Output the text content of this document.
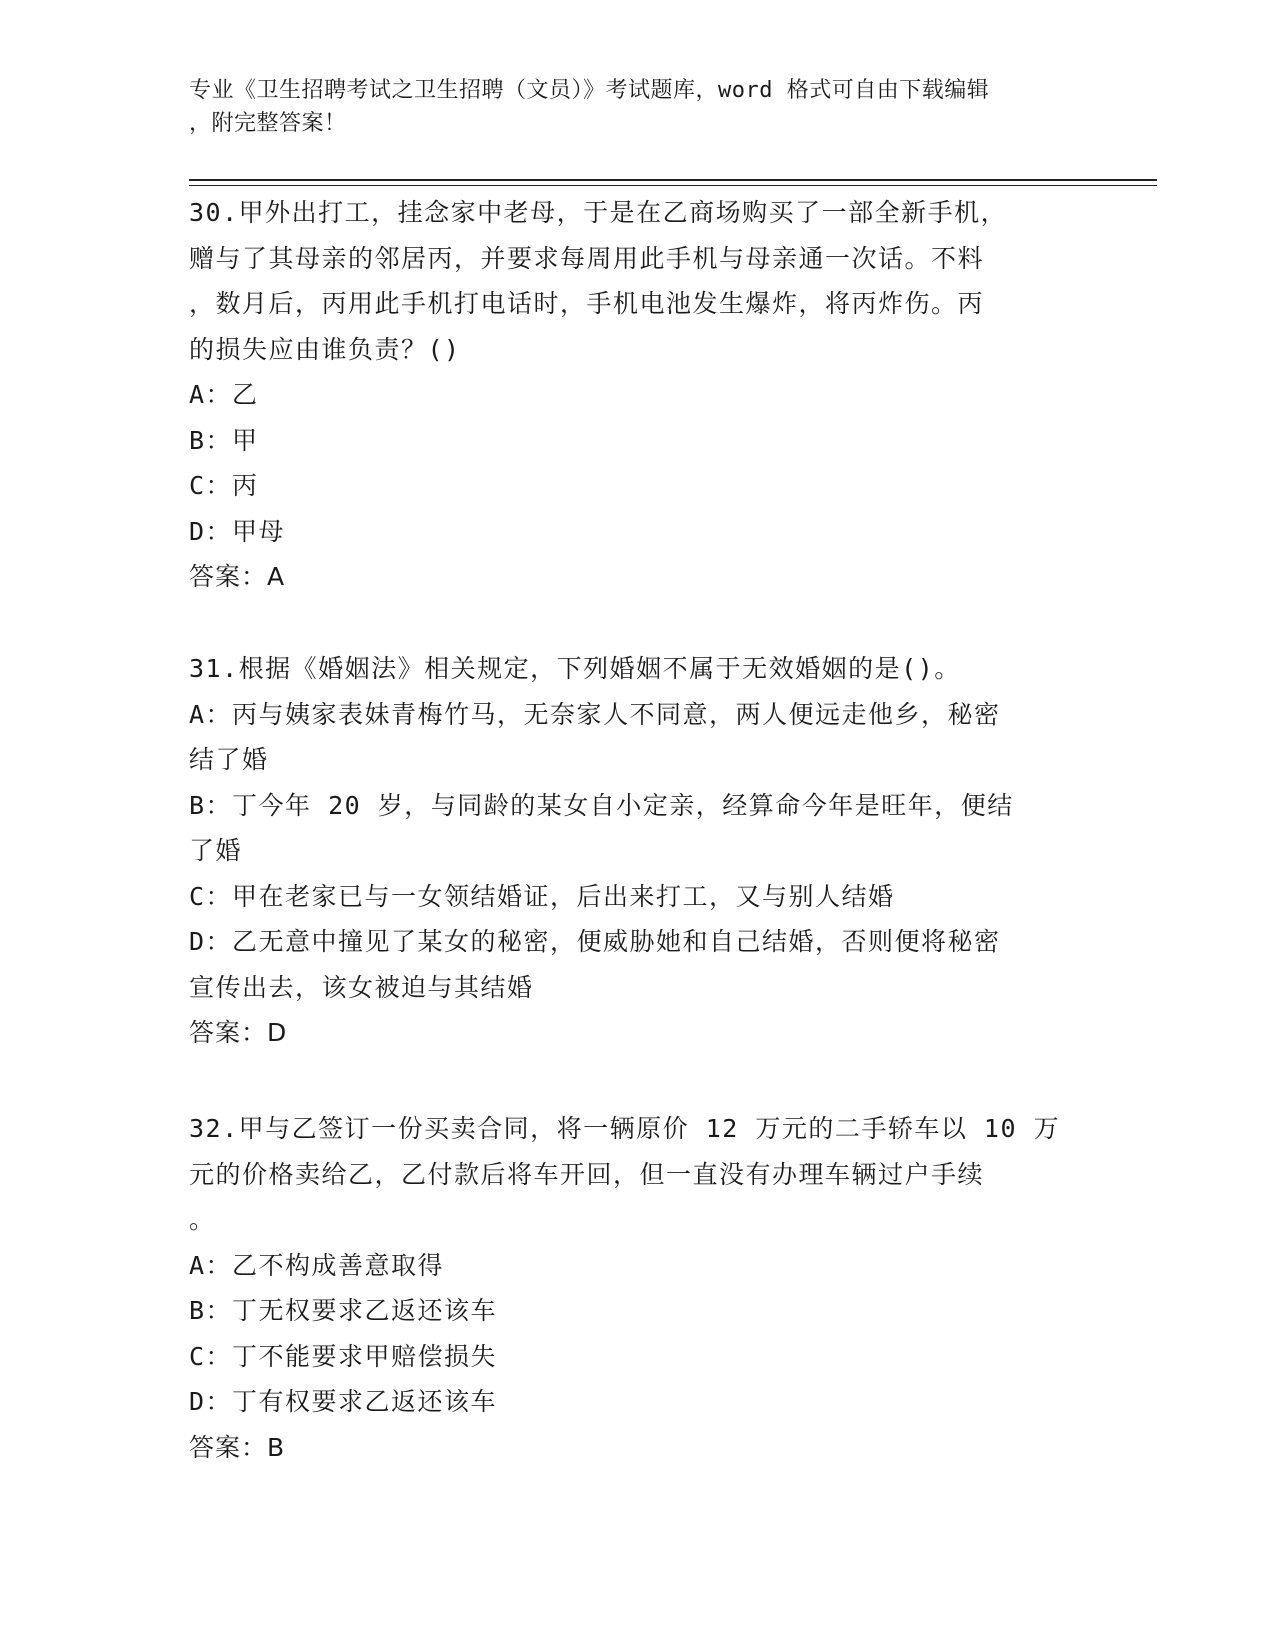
专业《卫生招聘考试之卫生招聘（文员）》考试题库，word 格式可自由下载编辑
，附完整答案！
30.甲外出打工，挂念家中老母，于是在乙商场购买了一部全新手机，
赠与了其母亲的邻居丙，并要求每周用此手机与母亲通一次话。不料
，数月后，丙用此手机打电话时，手机电池发生爆炸，将丙炸伤。丙
的损失应由谁负责？()
A：乙
B：甲
C：丙
D：甲母
答案：A
31.根据《婚姻法》相关规定，下列婚姻不属于无效婚姻的是()。
A：丙与姨家表妹青梅竹马，无奈家人不同意，两人便远走他乡，秘密
结了婚
B：丁今年 20 岁，与同龄的某女自小定亲，经算命今年是旺年，便结
了婚
C：甲在老家已与一女领结婚证，后出来打工，又与别人结婚
D：乙无意中撞见了某女的秘密，便威胁她和自己结婚，否则便将秘密
宣传出去，该女被迫与其结婚
答案：D
32.甲与乙签订一份买卖合同，将一辆原价 12 万元的二手轿车以 10 万
元的价格卖给乙，乙付款后将车开回，但一直没有办理车辆过户手续
。
A：乙不构成善意取得
B：丁无权要求乙返还该车
C：丁不能要求甲赔偿损失
D：丁有权要求乙返还该车
答案：B
